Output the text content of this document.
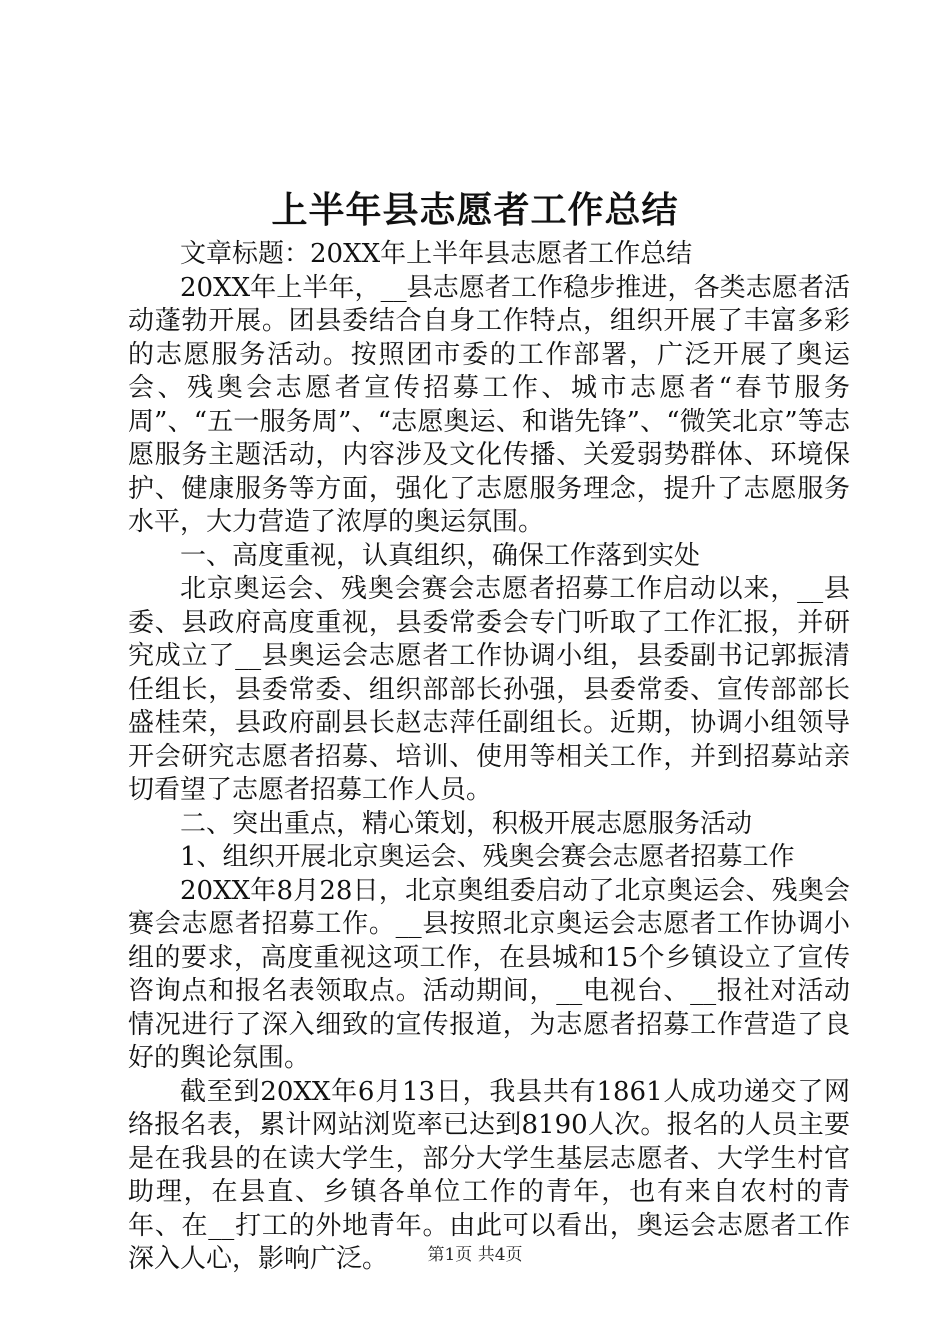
上半年县志愿者工作总结

文章标题：20XX年上半年县志愿者工作总结

20XX年上半年，__县志愿者工作稳步推进，各类志愿者活动蓬勃开展。团县委结合自身工作特点，组织开展了丰富多彩的志愿服务活动。按照团市委的工作部署，广泛开展了奥运会、残奥会志愿者宣传招募工作、城市志愿者“春节服务周”、“五一服务周”、“志愿奥运、和谐先锋”、“微笑北京”等志愿服务主题活动，内容涉及文化传播、关爱弱势群体、环境保护、健康服务等方面，强化了志愿服务理念，提升了志愿服务水平，大力营造了浓厚的奥运氛围。

一、高度重视，认真组织，确保工作落到实处

北京奥运会、残奥会赛会志愿者招募工作启动以来，__县委、县政府高度重视，县委常委会专门听取了工作汇报，并研究成立了__县奥运会志愿者工作协调小组，县委副书记郭振清任组长，县委常委、组织部部长孙强，县委常委、宣传部部长盛桂荣，县政府副县长赵志萍任副组长。近期，协调小组领导开会研究志愿者招募、培训、使用等相关工作，并到招募站亲切看望了志愿者招募工作人员。

二、突出重点，精心策划，积极开展志愿服务活动

1、组织开展北京奥运会、残奥会赛会志愿者招募工作

20XX年8月28日，北京奥组委启动了北京奥运会、残奥会赛会志愿者招募工作。__县按照北京奥运会志愿者工作协调小组的要求，高度重视这项工作，在县城和15个乡镇设立了宣传咨询点和报名表领取点。活动期间，__电视台、__报社对活动情况进行了深入细致的宣传报道，为志愿者招募工作营造了良好的舆论氛围。

截至到20XX年6月13日，我县共有1861人成功递交了网络报名表，累计网站浏览率已达到8190人次。报名的人员主要是在我县的在读大学生，部分大学生基层志愿者、大学生村官助理，在县直、乡镇各单位工作的青年，也有来自农村的青年、在__打工的外地青年。由此可以看出，奥运会志愿者工作深入人心，影响广泛。	第1页 共4页
